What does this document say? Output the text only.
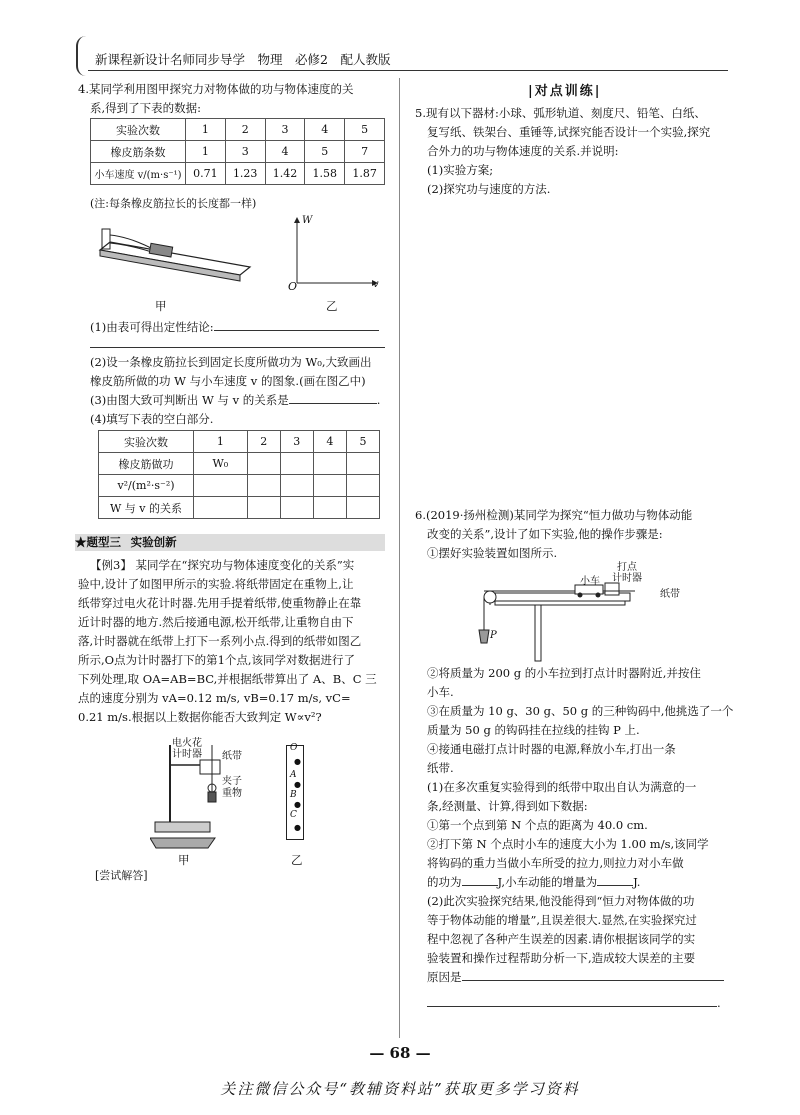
新课程新设计名师同步导学　物理　必修2　配人教版
4.某同学利用图甲探究力对物体做的功与物体速度的关
系,得到了下表的数据:
实验次数	1	2	3	4	5
橡皮筋条数	1	3	4	5	7
小车速度 v/(m·s⁻¹)	0.71	1.23	1.42	1.58	1.87
(注:每条橡皮筋拉长的长度都一样)
甲
W
O	v
乙
(1)由表可得出定性结论:
(2)设一条橡皮筋拉长到固定长度所做功为 W₀,大致画出
橡皮筋所做的功 W 与小车速度 v 的图象.(画在图乙中)
(3)由图大致可判断出 W 与 v 的关系是	.
(4)填写下表的空白部分.
实验次数	1	2	3	4	5
橡皮筋做功	W₀				
v²/(m²·s⁻²)					
W 与 v 的关系					
★题型三 实验创新
【例3】 某同学在“探究功与物体速度变化的关系”实
验中,设计了如图甲所示的实验.将纸带固定在重物上,让
纸带穿过电火花计时器.先用手提着纸带,使重物静止在靠
近计时器的地方.然后接通电源,松开纸带,让重物自由下
落,计时器就在纸带上打下一系列小点.得到的纸带如图乙
所示,O点为计时器打下的第1个点,该同学对数据进行了
下列处理,取 OA=AB=BC,并根据纸带算出了 A、B、C 三
点的速度分别为 vA=0.12 m/s, vB=0.17 m/s, vC=
0.21 m/s.根据以上数据你能否大致判定 W∝v²?
电火花
计时器 纸带
夹子
重物
甲
O
●
A
●
B
●
C
●
乙
[尝试解答]
|对点训练|
5.现有以下器材:小球、弧形轨道、刻度尺、铅笔、白纸、
复写纸、铁架台、重锤等,试探究能否设计一个实验,探究
合外力的功与物体速度的关系.并说明:
(1)实验方案;
(2)探究功与速度的方法.
6.(2019·扬州检测)某同学为探究“恒力做功与物体动能
改变的关系”,设计了如下实验,他的操作步骤是:
①摆好实验装置如图所示.
打点
计时器
小车
纸带
P
②将质量为 200 g 的小车拉到打点计时器附近,并按住
小车.
③在质量为 10 g、30 g、50 g 的三种钩码中,他挑选了一个
质量为 50 g 的钩码挂在拉线的挂钩 P 上.
④接通电磁打点计时器的电源,释放小车,打出一条
纸带.
(1)在多次重复实验得到的纸带中取出自认为满意的一
条,经测量、计算,得到如下数据:
①第一个点到第 N 个点的距离为 40.0 cm.
②打下第 N 个点时小车的速度大小为 1.00 m/s,该同学
将钩码的重力当做小车所受的拉力,则拉力对小车做
的功为	J,小车动能的增量为	J.
(2)此次实验探究结果,他没能得到“恒力对物体做的功
等于物体动能的增量”,且误差很大.显然,在实验探究过
程中忽视了各种产生误差的因素.请你根据该同学的实
验装置和操作过程帮助分析一下,造成较大误差的主要
原因是
.
— 68 —
关注微信公众号“教辅资料站”获取更多学习资料
